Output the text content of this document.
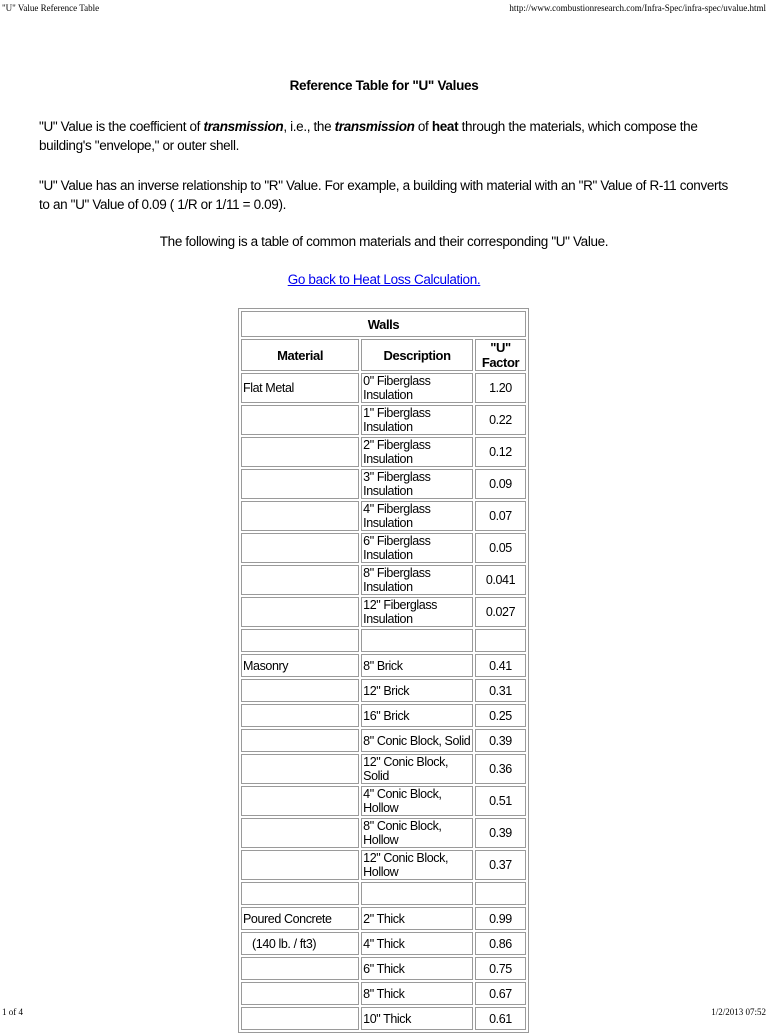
"U" Value Reference Table	http://www.combustionresearch.com/Infra-Spec/infra-spec/uvalue.html
Reference Table for "U" Values
"U" Value is the coefficient of transmission, i.e., the transmission of heat through the materials, which compose the building's "envelope," or outer shell.
"U" Value has an inverse relationship to "R" Value. For example, a building with material with an "R" Value of R-11 converts to an "U" Value of 0.09 ( 1/R or 1/11 = 0.09).
The following is a table of common materials and their corresponding "U" Value.
Go back to Heat Loss Calculation.
Walls		
Material	Description	"U" Factor
Flat Metal	0" Fiberglass Insulation	1.20
	1" Fiberglass Insulation	0.22
	2" Fiberglass Insulation	0.12
	3" Fiberglass Insulation	0.09
	4" Fiberglass Insulation	0.07
	6" Fiberglass Insulation	0.05
	8" Fiberglass Insulation	0.041
	12" Fiberglass Insulation	0.027

Masonry	8" Brick	0.41
	12" Brick	0.31
	16" Brick	0.25
	8" Conic Block, Solid	0.39
	12" Conic Block, Solid	0.36
	4" Conic Block, Hollow	0.51
	8" Conic Block, Hollow	0.39
	12" Conic Block, Hollow	0.37

Poured Concrete	2" Thick	0.99
(140 lb. / ft3)	4" Thick	0.86
	6" Thick	0.75
	8" Thick	0.67
	10" Thick	0.61
1 of 4	1/2/2013 07:52
